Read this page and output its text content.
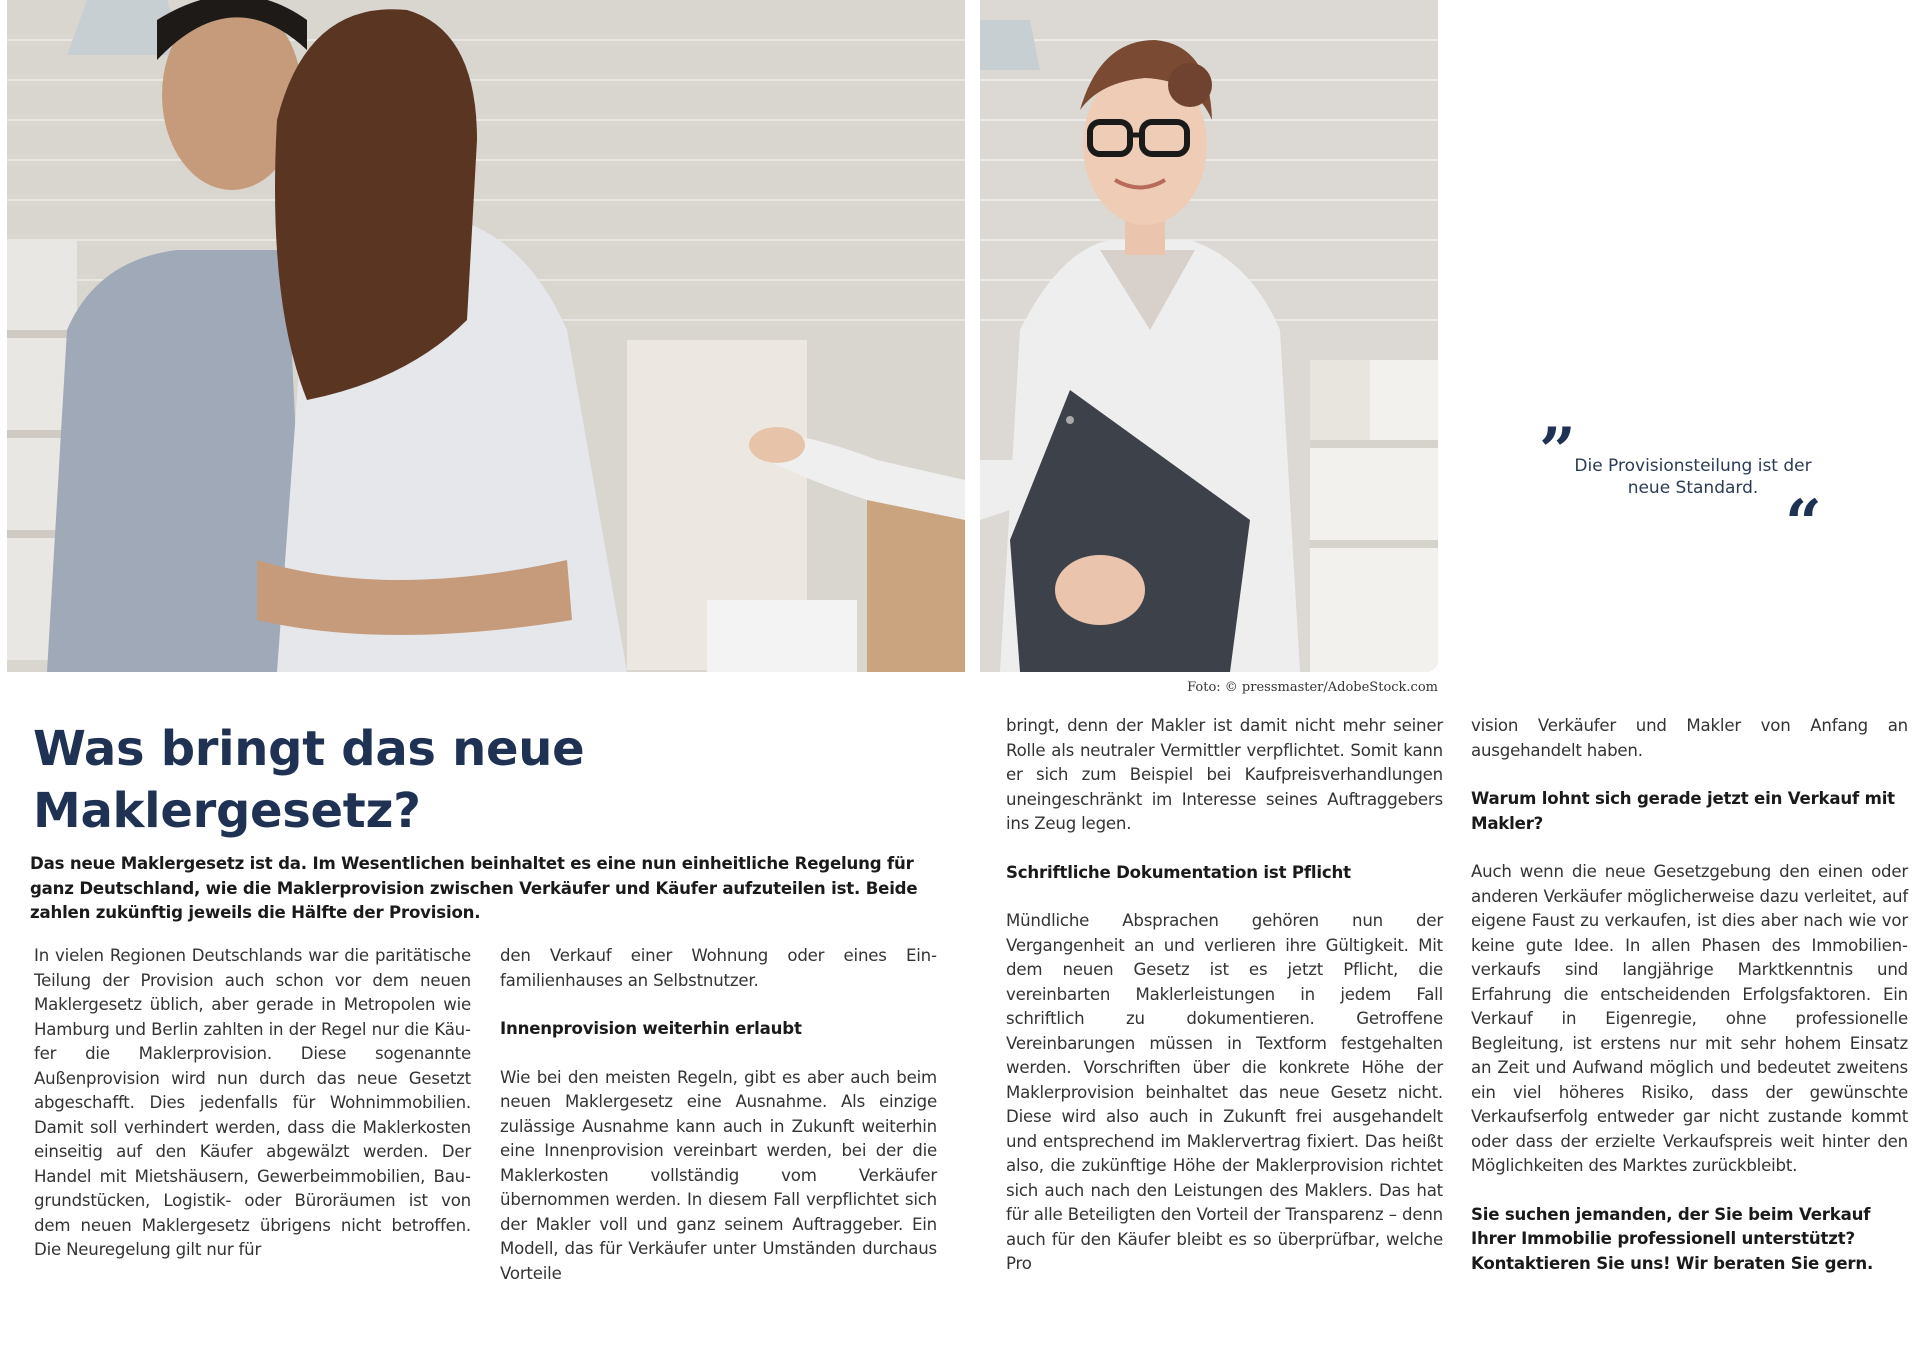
Foto: © pressmaster/AdobeStock.com
”
Die Provisionsteilung ist der neue Standard. “
Was bringt das neue Maklergesetz?

Das neue Maklergesetz ist da. Im Wesentlichen beinhaltet es eine nun einheitliche Regelung für ganz Deutschland, wie die Maklerprovision zwischen Verkäufer und Käufer aufzuteilen ist. Beide zahlen zukünftig jeweils die Hälfte der Provision.

In vielen Regionen Deutschlands war die paritätische Teilung der Provision auch schon vor dem neuen Maklergesetz üblich, aber gerade in Metropolen wie Hamburg und Berlin zahlten in der Regel nur die Käufer die Maklerprovision. Diese sogenannte Außenprovision wird nun durch das neue Gesetzt abgeschafft. Dies jedenfalls für Wohnimmobilien. Damit soll verhindert werden, dass die Maklerkosten einseitig auf den Käufer abgewälzt werden. Der Handel mit Mietshäusern, Gewerbeimmobilien, Baugrundstücken, Logistik- oder Büroräumen ist von dem neuen Maklergesetz übrigens nicht betroffen. Die Neuregelung gilt nur für

den Verkauf einer Wohnung oder eines Einfamilienhauses an Selbstnutzer.

Innenprovision weiterhin erlaubt

Wie bei den meisten Regeln, gibt es aber auch beim neuen Maklergesetz eine Ausnahme. Als einzige zulässige Ausnahme kann auch in Zukunft weiterhin eine Innenprovision vereinbart werden, bei der die Maklerkosten vollständig vom Verkäufer übernommen werden. In diesem Fall verpflichtet sich der Makler voll und ganz seinem Auftraggeber. Ein Modell, das für Verkäufer unter Umständen durchaus Vorteile

bringt, denn der Makler ist damit nicht mehr seiner Rolle als neutraler Vermittler verpflichtet. Somit kann er sich zum Beispiel bei Kaufpreisverhandlungen uneingeschränkt im Interesse seines Auftraggebers ins Zeug legen.

Schriftliche Dokumentation ist Pflicht

Mündliche Absprachen gehören nun der Vergangenheit an und verlieren ihre Gültigkeit. Mit dem neuen Gesetz ist es jetzt Pflicht, die vereinbarten Maklerleistungen in jedem Fall schriftlich zu dokumentieren. Getroffene Vereinbarungen müssen in Textform festgehalten werden. Vorschriften über die konkrete Höhe der Maklerprovision beinhaltet das neue Gesetz nicht. Diese wird also auch in Zukunft frei ausgehandelt und entsprechend im Maklervertrag fixiert. Das heißt also, die zukünftige Höhe der Maklerprovision richtet sich auch nach den Leistungen des Maklers. Das hat für alle Beteiligten den Vorteil der Transparenz – denn auch für den Käufer bleibt es so überprüfbar, welche Pro

vision Verkäufer und Makler von Anfang an ausgehandelt haben.

Warum lohnt sich gerade jetzt ein Verkauf mit Makler?

Auch wenn die neue Gesetzgebung den einen oder anderen Verkäufer möglicherweise dazu verleitet, auf eigene Faust zu verkaufen, ist dies aber nach wie vor keine gute Idee. In allen Phasen des Immobilienverkaufs sind langjährige Marktkenntnis und Erfahrung die entscheidenden Erfolgsfaktoren. Ein Verkauf in Eigenregie, ohne professionelle Begleitung, ist erstens nur mit sehr hohem Einsatz an Zeit und Aufwand möglich und bedeutet zweitens ein viel höheres Risiko, dass der gewünschte Verkaufserfolg entweder gar nicht zustande kommt oder dass der erzielte Verkaufspreis weit hinter den Möglichkeiten des Marktes zurückbleibt.

Sie suchen jemanden, der Sie beim Verkauf Ihrer Immobilie professionell unterstützt? Kontaktieren Sie uns! Wir beraten Sie gern.
